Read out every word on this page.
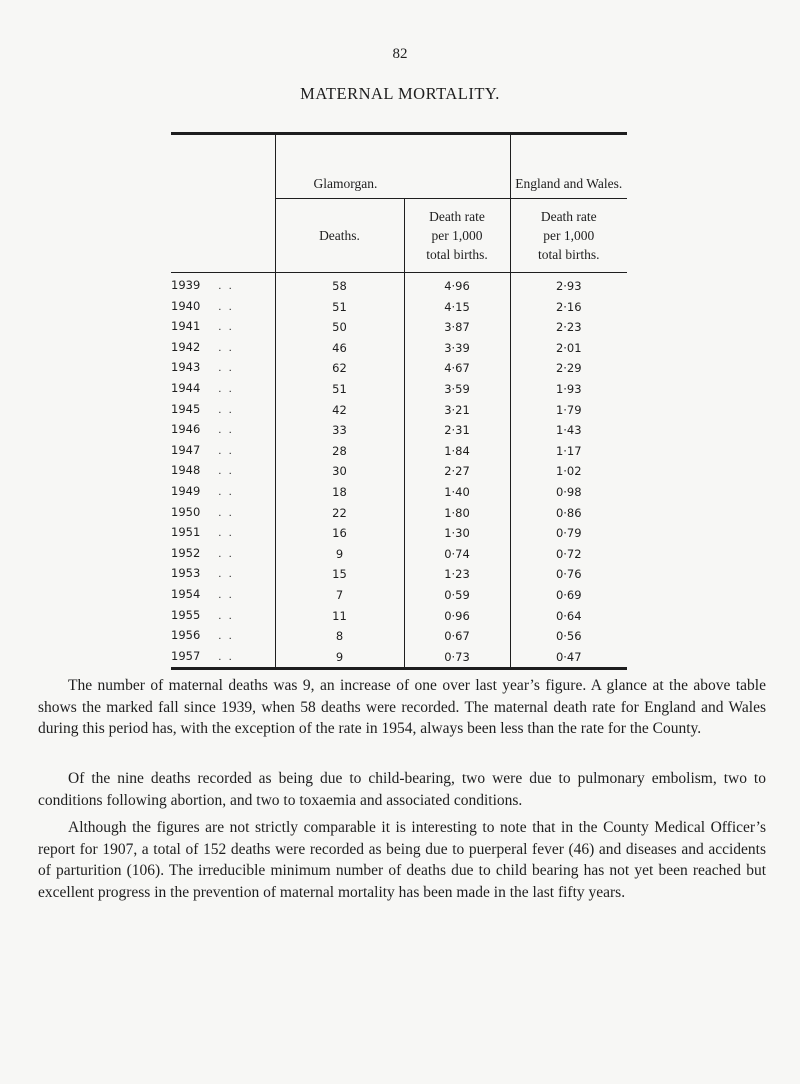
82
MATERNAL MORTALITY.
	Glamorgan.		England and Wales.
	Deaths.	Death rate
per 1,000
total births.	Death rate
per 1,000
total births.
1939 . .	58	4·96	2·93
1940 . .	51	4·15	2·16
1941 . .	50	3·87	2·23
1942 . .	46	3·39	2·01
1943 . .	62	4·67	2·29
1944 . .	51	3·59	1·93
1945 . .	42	3·21	1·79
1946 . .	33	2·31	1·43
1947 . .	28	1·84	1·17
1948 . .	30	2·27	1·02
1949 . .	18	1·40	0·98
1950 . .	22	1·80	0·86
1951 . .	16	1·30	0·79
1952 . .	9	0·74	0·72
1953 . .	15	1·23	0·76
1954 . .	7	0·59	0·69
1955 . .	11	0·96	0·64
1956 . .	8	0·67	0·56
1957 . .	9	0·73	0·47

The number of maternal deaths was 9, an increase of one over last year’s figure. A glance at the above table shows the marked fall since 1939, when 58 deaths were recorded. The maternal death rate for England and Wales during this period has, with the exception of the rate in 1954, always been less than the rate for the County.

Of the nine deaths recorded as being due to child-bearing, two were due to pulmonary embolism, two to conditions following abortion, and two to toxaemia and associated conditions.

Although the figures are not strictly comparable it is interesting to note that in the County Medical Officer’s report for 1907, a total of 152 deaths were recorded as being due to puerperal fever (46) and diseases and accidents of parturition (106). The irreducible minimum number of deaths due to child bearing has not yet been reached but excellent progress in the prevention of maternal mortality has been made in the last fifty years.
